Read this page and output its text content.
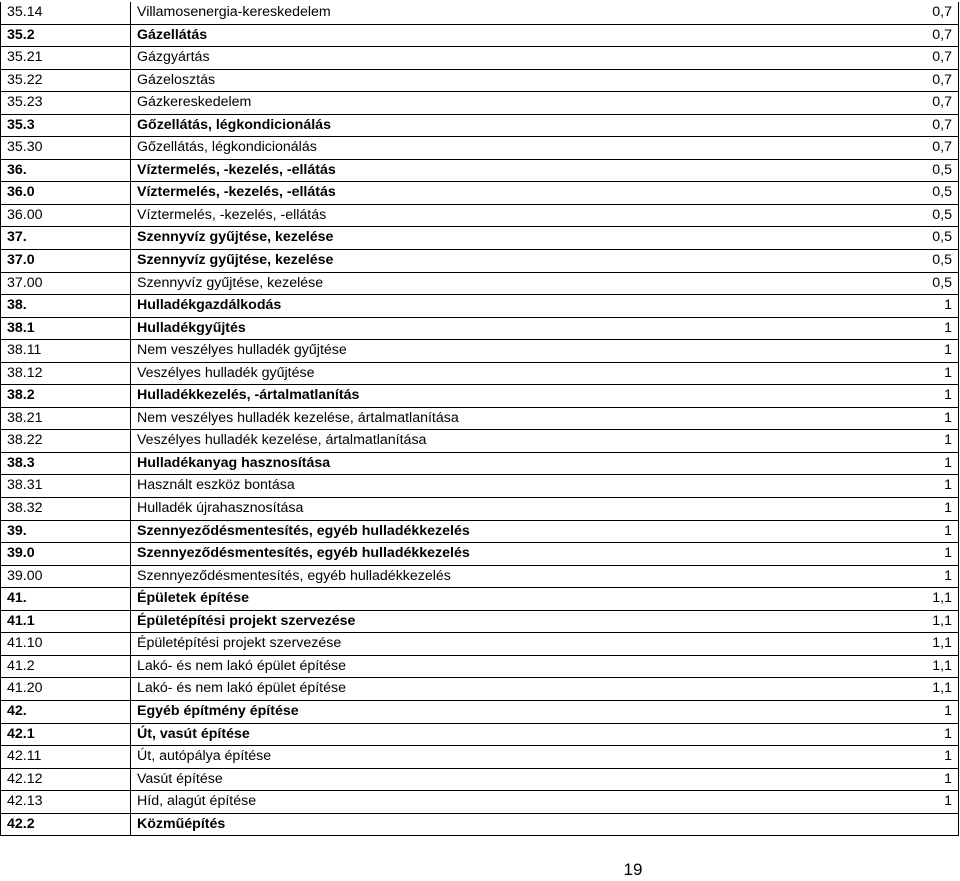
35.14	Villamosenergia-kereskedelem	0,7
35.2	Gázellátás	0,7
35.21	Gázgyártás	0,7
35.22	Gázelosztás	0,7
35.23	Gázkereskedelem	0,7
35.3	Gőzellátás, légkondicionálás	0,7
35.30	Gőzellátás, légkondicionálás	0,7
36.	Víztermelés, -kezelés, -ellátás	0,5
36.0	Víztermelés, -kezelés, -ellátás	0,5
36.00	Víztermelés, -kezelés, -ellátás	0,5
37.	Szennyvíz gyűjtése, kezelése	0,5
37.0	Szennyvíz gyűjtése, kezelése	0,5
37.00	Szennyvíz gyűjtése, kezelése	0,5
38.	Hulladékgazdálkodás	1
38.1	Hulladékgyűjtés	1
38.11	Nem veszélyes hulladék gyűjtése	1
38.12	Veszélyes hulladék gyűjtése	1
38.2	Hulladékkezelés, -ártalmatlanítás	1
38.21	Nem veszélyes hulladék kezelése, ártalmatlanítása	1
38.22	Veszélyes hulladék kezelése, ártalmatlanítása	1
38.3	Hulladékanyag hasznosítása	1
38.31	Használt eszköz bontása	1
38.32	Hulladék újrahasznosítása	1
39.	Szennyeződésmentesítés, egyéb hulladékkezelés	1
39.0	Szennyeződésmentesítés, egyéb hulladékkezelés	1
39.00	Szennyeződésmentesítés, egyéb hulladékkezelés	1
41.	Épületek építése	1,1
41.1	Épületépítési projekt szervezése	1,1
41.10	Épületépítési projekt szervezése	1,1
41.2	Lakó- és nem lakó épület építése	1,1
41.20	Lakó- és nem lakó épület építése	1,1
42.	Egyéb építmény építése	1
42.1	Út, vasút építése	1
42.11	Út, autópálya építése	1
42.12	Vasút építése	1
42.13	Híd, alagút építése	1
42.2	Közműépítés	
19
